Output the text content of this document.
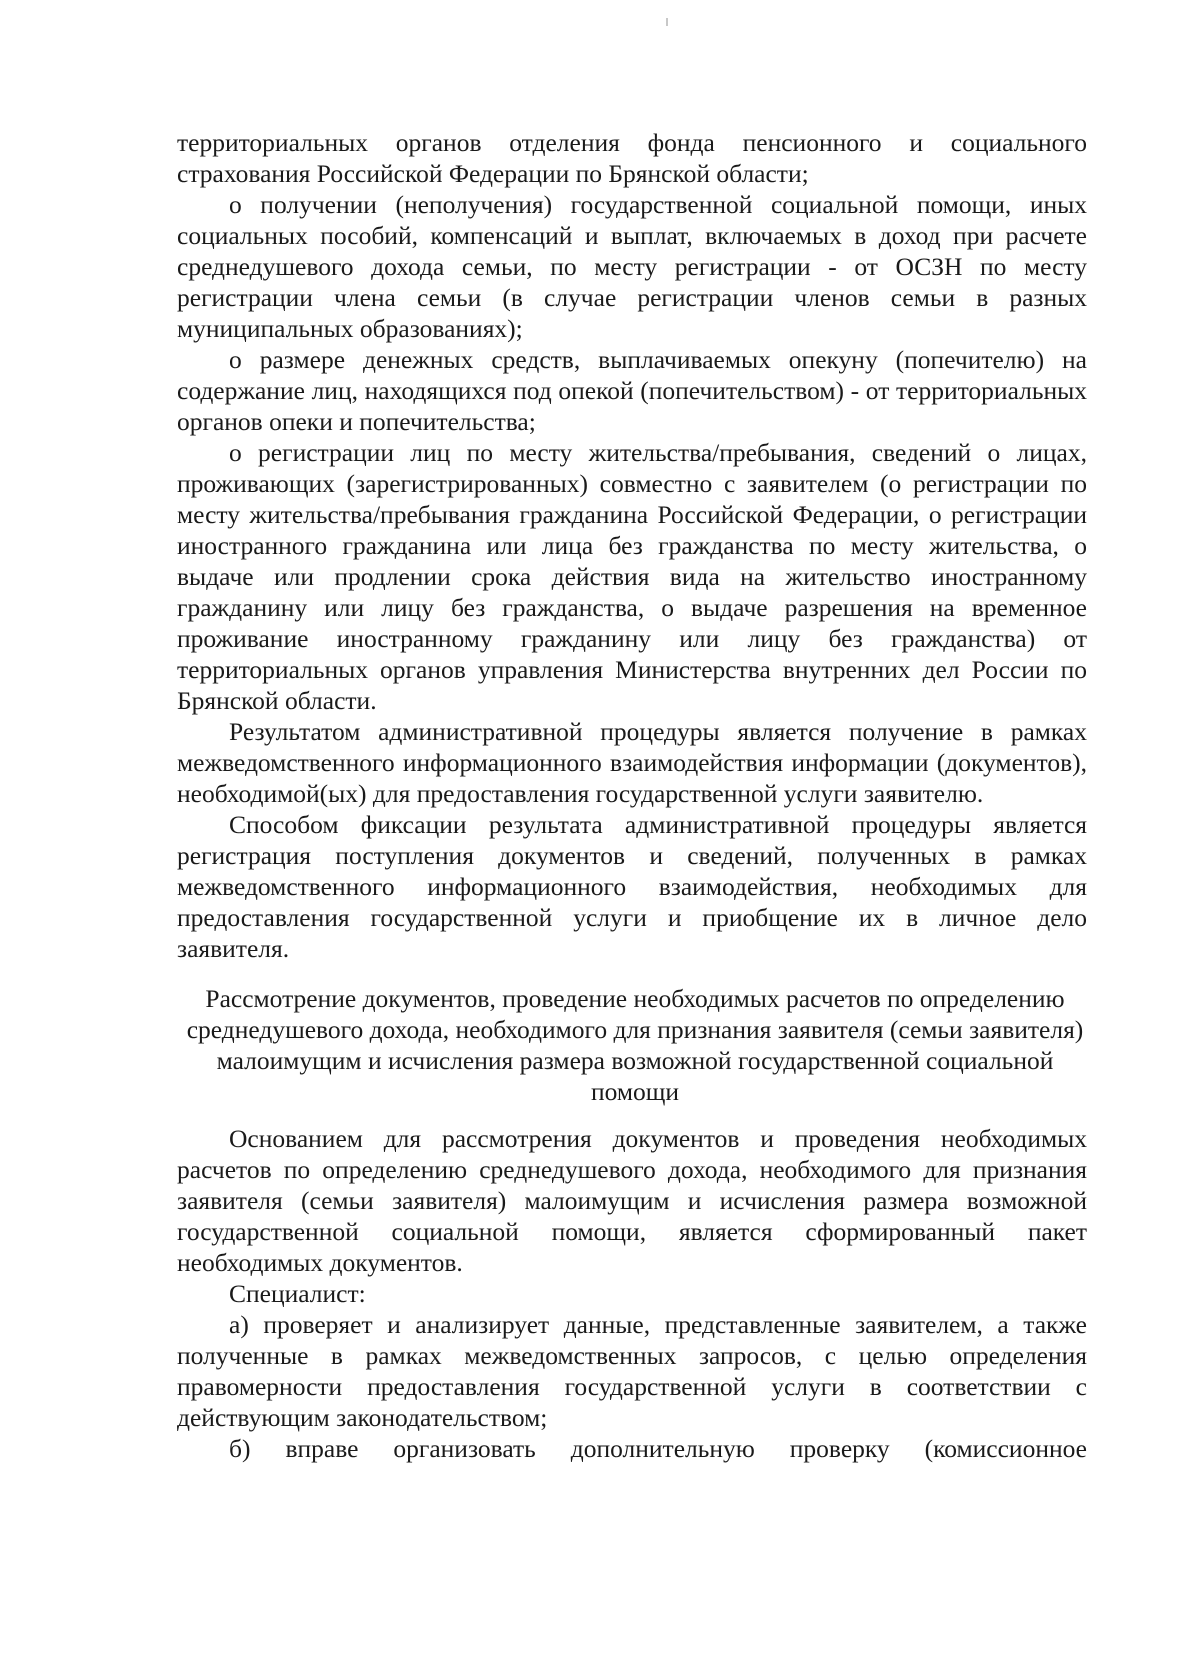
территориальных органов отделения фонда пенсионного и социального страхования Российской Федерации по Брянской области;

о получении (неполучения) государственной социальной помощи, иных социальных пособий, компенсаций и выплат, включаемых в доход при расчете среднедушевого дохода семьи, по месту регистрации - от ОСЗН по месту регистрации члена семьи (в случае регистрации членов семьи в разных муниципальных образованиях);

о размере денежных средств, выплачиваемых опекуну (попечителю) на содержание лиц, находящихся под опекой (попечительством) - от территориальных органов опеки и попечительства;

о регистрации лиц по месту жительства/пребывания, сведений о лицах, проживающих (зарегистрированных) совместно с заявителем (о регистрации по месту жительства/пребывания гражданина Российской Федерации, о регистрации иностранного гражданина или лица без гражданства по месту жительства, о выдаче или продлении срока действия вида на жительство иностранному гражданину или лицу без гражданства, о выдаче разрешения на временное проживание иностранному гражданину или лицу без гражданства) от территориальных органов управления Министерства внутренних дел России по Брянской области.

Результатом административной процедуры является получение в рамках межведомственного информационного взаимодействия информации (документов), необходимой(ых) для предоставления государственной услуги заявителю.

Способом фиксации результата административной процедуры является регистрация поступления документов и сведений, полученных в рамках межведомственного информационного взаимодействия, необходимых для предоставления государственной услуги и приобщение их в личное дело заявителя.

Рассмотрение документов, проведение необходимых расчетов по определению среднедушевого дохода, необходимого для признания заявителя (семьи заявителя) малоимущим и исчисления размера возможной государственной социальной помощи

Основанием для рассмотрения документов и проведения необходимых расчетов по определению среднедушевого дохода, необходимого для признания заявителя (семьи заявителя) малоимущим и исчисления размера возможной государственной социальной помощи, является сформированный пакет необходимых документов.

Специалист:

а) проверяет и анализирует данные, представленные заявителем, а также полученные в рамках межведомственных запросов, с целью определения правомерности предоставления государственной услуги в соответствии с действующим законодательством;

б) вправе организовать дополнительную проверку (комиссионное
